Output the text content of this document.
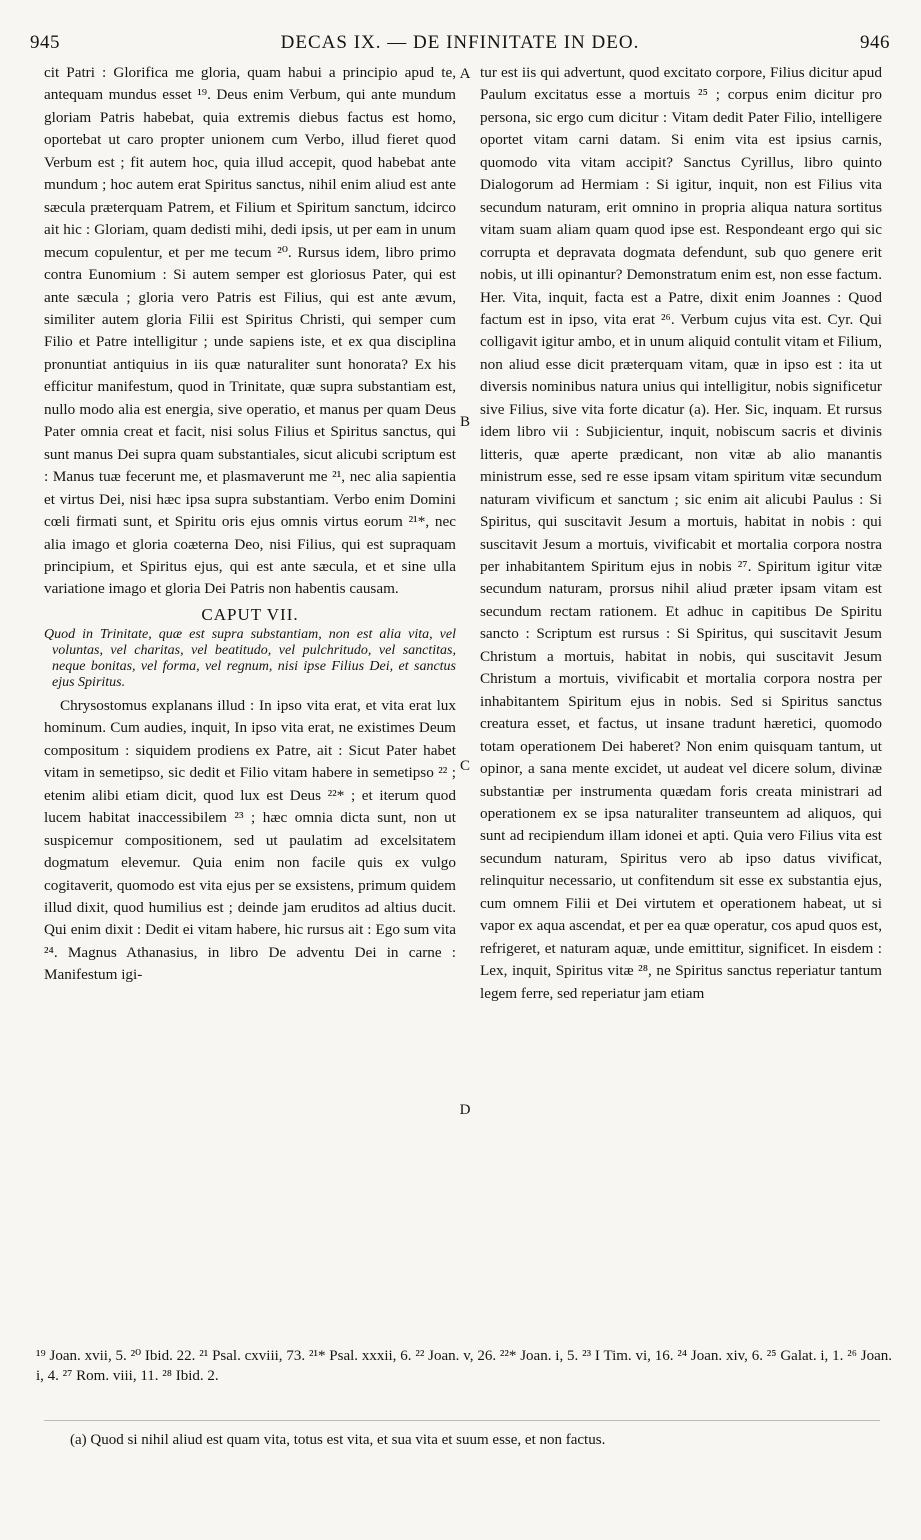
945	DECAS IX. — DE INFINITATE IN DEO.	946

cit Patri : Glorifica me gloria, quam habui a principio apud te, antequam mundus esset ¹⁹. Deus enim Verbum, qui ante mundum gloriam Patris habebat, quia extremis diebus factus est homo, oportebat ut caro propter unionem cum Verbo, illud fieret quod Verbum est ; fit autem hoc, quia illud accepit, quod habebat ante mundum ; hoc autem erat Spiritus sanctus, nihil enim aliud est ante sæcula præterquam Patrem, et Filium et Spiritum sanctum, idcirco ait hic : Gloriam, quam dedisti mihi, dedi ipsis, ut per eam in unum mecum copulentur, et per me tecum ²⁰. Rursus idem, libro primo contra Eunomium : Si autem semper est gloriosus Pater, qui est ante sæcula ; gloria vero Patris est Filius, qui est ante ævum, similiter autem gloria Filii est Spiritus Christi, qui semper cum Filio et Patre intelligitur ; unde sapiens iste, et ex qua disciplina pronuntiat antiquius in iis quæ naturaliter sunt honorata? Ex his efficitur manifestum, quod in Trinitate, quæ supra substantiam est, nullo modo alia est energia, sive operatio, et manus per quam Deus Pater omnia creat et facit, nisi solus Filius et Spiritus sanctus, qui sunt manus Dei supra quam substantiales, sicut alicubi scriptum est : Manus tuæ fecerunt me, et plasmaverunt me ²¹, nec alia sapientia et virtus Dei, nisi hæc ipsa supra substantiam. Verbo enim Domini cœli firmati sunt, et Spiritu oris ejus omnis virtus eorum ²¹*, nec alia imago et gloria coæterna Deo, nisi Filius, qui est supraquam principium, et Spiritus ejus, qui est ante sæcula, et et sine ulla variatione imago et gloria Dei Patris non habentis causam.

CAPUT VII.
Quod in Trinitate, quæ est supra substantiam, non est alia vita, vel voluntas, vel charitas, vel beatitudo, vel pulchritudo, vel sanctitas, neque bonitas, vel forma, vel regnum, nisi ipse Filius Dei, et sanctus ejus Spiritus.

Chrysostomus explanans illud : In ipso vita erat, et vita erat lux hominum. Cum audies, inquit, In ipso vita erat, ne existimes Deum compositum : siquidem prodiens ex Patre, ait : Sicut Pater habet vitam in semetipso, sic dedit et Filio vitam habere in semetipso ²² ; etenim alibi etiam dicit, quod lux est Deus ²²* ; et iterum quod lucem habitat inaccessibilem ²³ ; hæc omnia dicta sunt, non ut suspicemur compositionem, sed ut paulatim ad excelsitatem dogmatum elevemur. Quia enim non facile quis ex vulgo cogitaverit, quomodo est vita ejus per se exsistens, primum quidem illud dixit, quod humilius est ; deinde jam eruditos ad altius ducit. Qui enim dixit : Dedit ei vitam habere, hic rursus ait : Ego sum vita ²⁴. Magnus Athanasius, in libro De adventu Dei in carne : Manifestum igi-

A
B
C
D

tur est iis qui advertunt, quod excitato corpore, Filius dicitur apud Paulum excitatus esse a mortuis ²⁵ ; corpus enim dicitur pro persona, sic ergo cum dicitur : Vitam dedit Pater Filio, intelligere oportet vitam carni datam. Si enim vita est ipsius carnis, quomodo vita vitam accipit? Sanctus Cyrillus, libro quinto Dialogorum ad Hermiam : Si igitur, inquit, non est Filius vita secundum naturam, erit omnino in propria aliqua natura sortitus vitam suam aliam quam quod ipse est. Respondeant ergo qui sic corrupta et depravata dogmata defendunt, sub quo genere erit nobis, ut illi opinantur? Demonstratum enim est, non esse factum. Her. Vita, inquit, facta est a Patre, dixit enim Joannes : Quod factum est in ipso, vita erat ²⁶. Verbum cujus vita est. Cyr. Qui colligavit igitur ambo, et in unum aliquid contulit vitam et Filium, non aliud esse dicit præterquam vitam, quæ in ipso est : ita ut diversis nominibus natura unius qui intelligitur, nobis significetur sive Filius, sive vita forte dicatur (a). Her. Sic, inquam. Et rursus idem libro vii : Subjicientur, inquit, nobiscum sacris et divinis litteris, quæ aperte prædicant, non vitæ ab alio manantis ministrum esse, sed re esse ipsam vitam spiritum vitæ secundum naturam vivificum et sanctum ; sic enim ait alicubi Paulus : Si Spiritus, qui suscitavit Jesum a mortuis, habitat in nobis : qui suscitavit Jesum a mortuis, vivificabit et mortalia corpora nostra per inhabitantem Spiritum ejus in nobis ²⁷. Spiritum igitur vitæ secundum naturam, prorsus nihil aliud præter ipsam vitam est secundum rectam rationem. Et adhuc in capitibus De Spiritu sancto : Scriptum est rursus : Si Spiritus, qui suscitavit Jesum Christum a mortuis, habitat in nobis, qui suscitavit Jesum Christum a mortuis, vivificabit et mortalia corpora nostra per inhabitantem Spiritum ejus in nobis. Sed si Spiritus sanctus creatura esset, et factus, ut insane tradunt hæretici, quomodo totam operationem Dei haberet? Non enim quisquam tantum, ut opinor, a sana mente excidet, ut audeat vel dicere solum, divinæ substantiæ per instrumenta quædam foris creata ministrari ad operationem ex se ipsa naturaliter transeuntem ad aliquos, qui sunt ad recipiendum illam idonei et apti. Quia vero Filius vita est secundum naturam, Spiritus vero ab ipso datus vivificat, relinquitur necessario, ut confitendum sit esse ex substantia ejus, cum omnem Filii et Dei virtutem et operationem habeat, ut si vapor ex aqua ascendat, et per ea quæ operatur, cos apud quos est, refrigeret, et naturam aquæ, unde emittitur, significet. In eisdem : Lex, inquit, Spiritus vitæ ²⁸, ne Spiritus sanctus reperiatur tantum legem ferre, sed reperiatur jam etiam

¹⁹ Joan. xvii, 5. ²⁰ Ibid. 22. ²¹ Psal. cxviii, 73. ²¹* Psal. xxxii, 6. ²² Joan. v, 26. ²²* Joan. i, 5. ²³ I Tim. vi, 16. ²⁴ Joan. xiv, 6. ²⁵ Galat. i, 1. ²⁶ Joan. i, 4. ²⁷ Rom. viii, 11. ²⁸ Ibid. 2.
(a) Quod si nihil aliud est quam vita, totus est vita, et sua vita et suum esse, et non factus.
